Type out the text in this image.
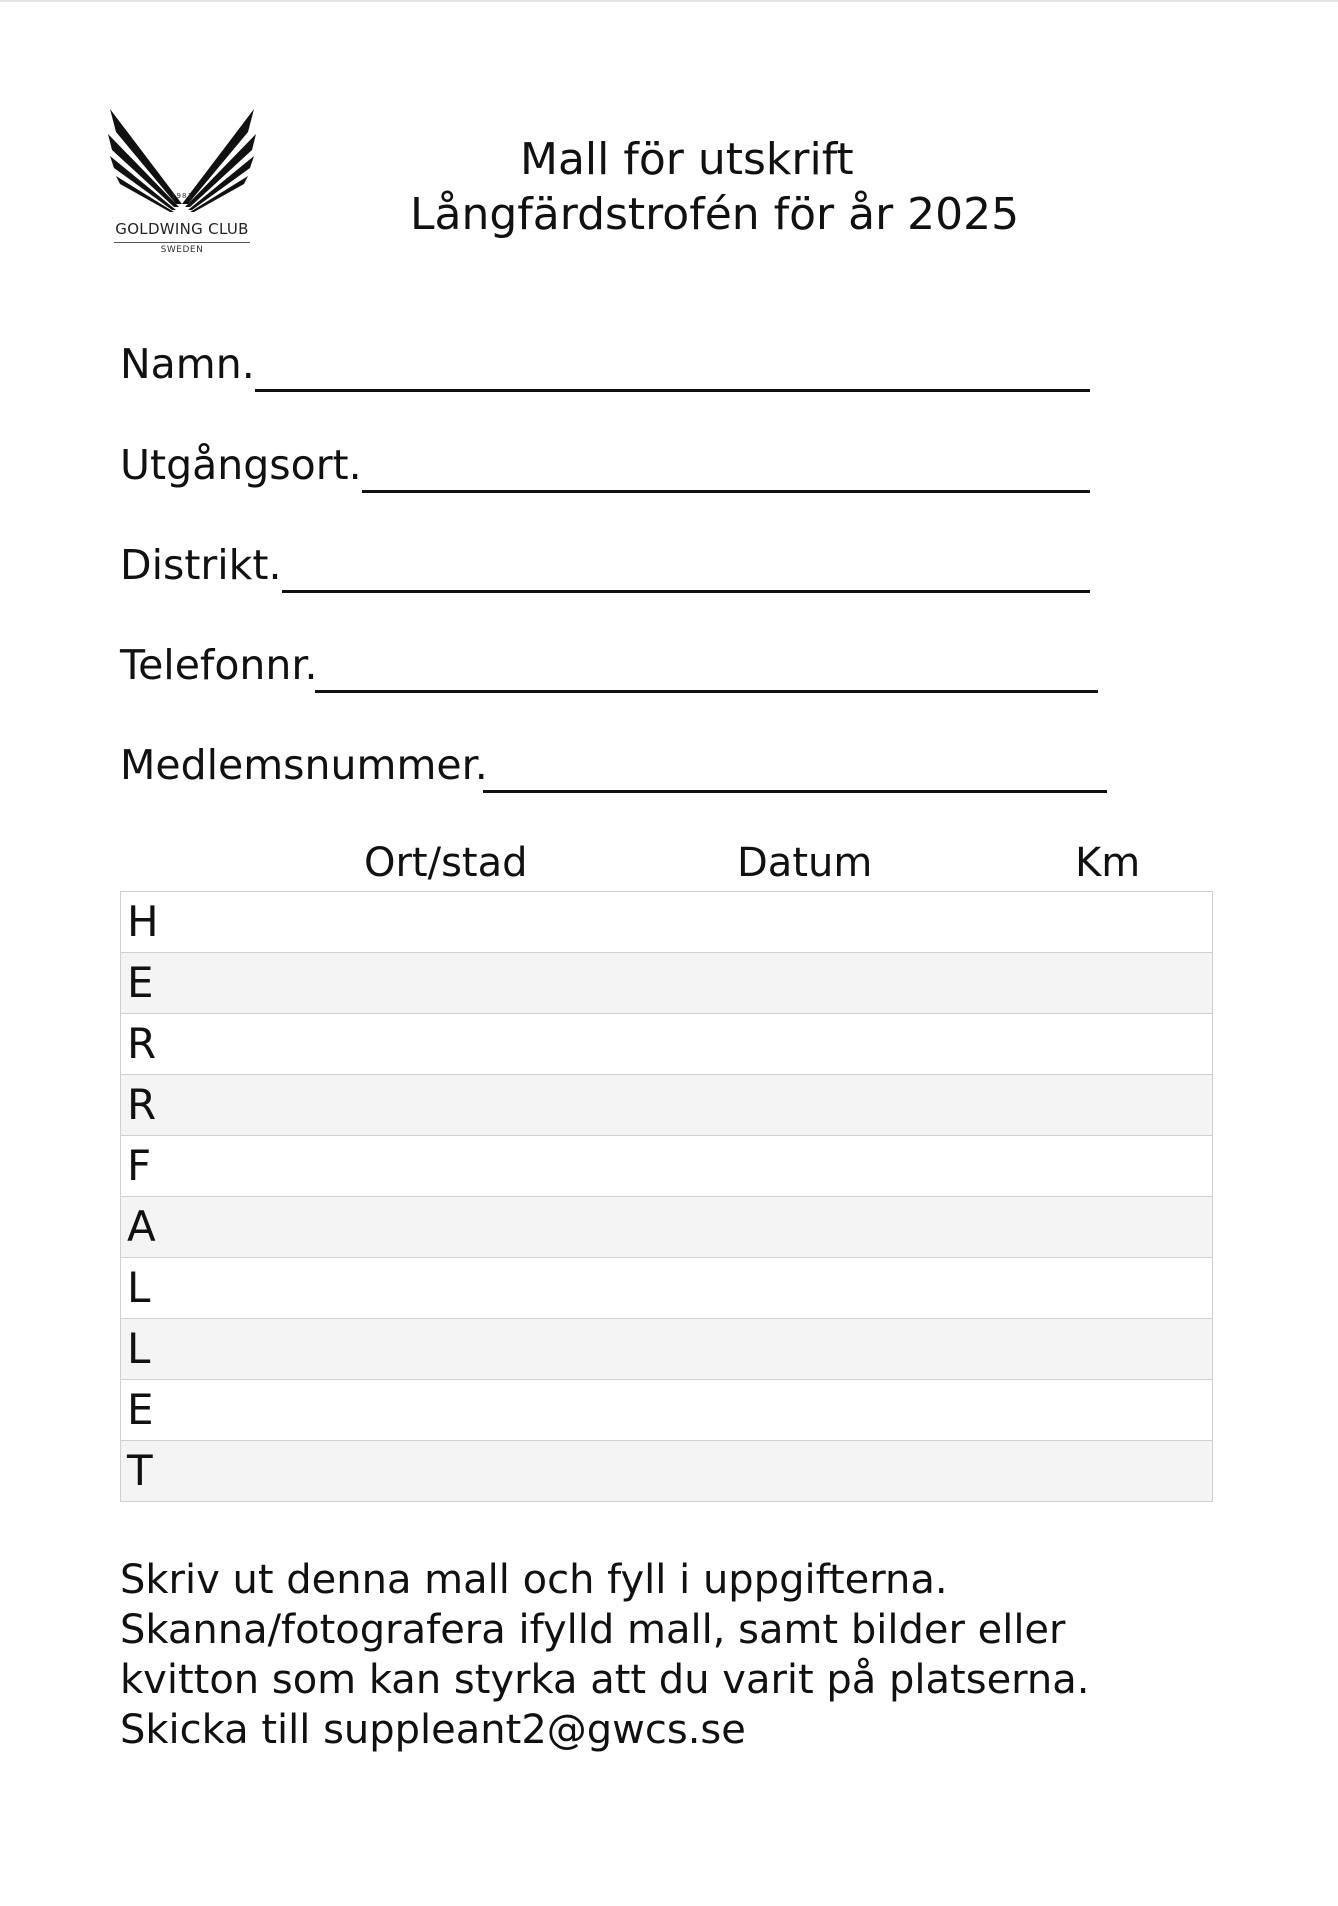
1981
GOLDWING CLUB
SWEDEN
Mall för utskrift
Långfärdstrofén för år 2025
Namn.
Utgångsort.
Distrikt.
Telefonnr.
Medlemsnummer.
Ort/stad	Datum	Km
H
E
R
R
F
A
L
L
E
T
Skriv ut denna mall och fyll i uppgifterna.
Skanna/fotografera ifylld mall, samt bilder eller
kvitton som kan styrka att du varit på platserna.
Skicka till suppleant2@gwcs.se
